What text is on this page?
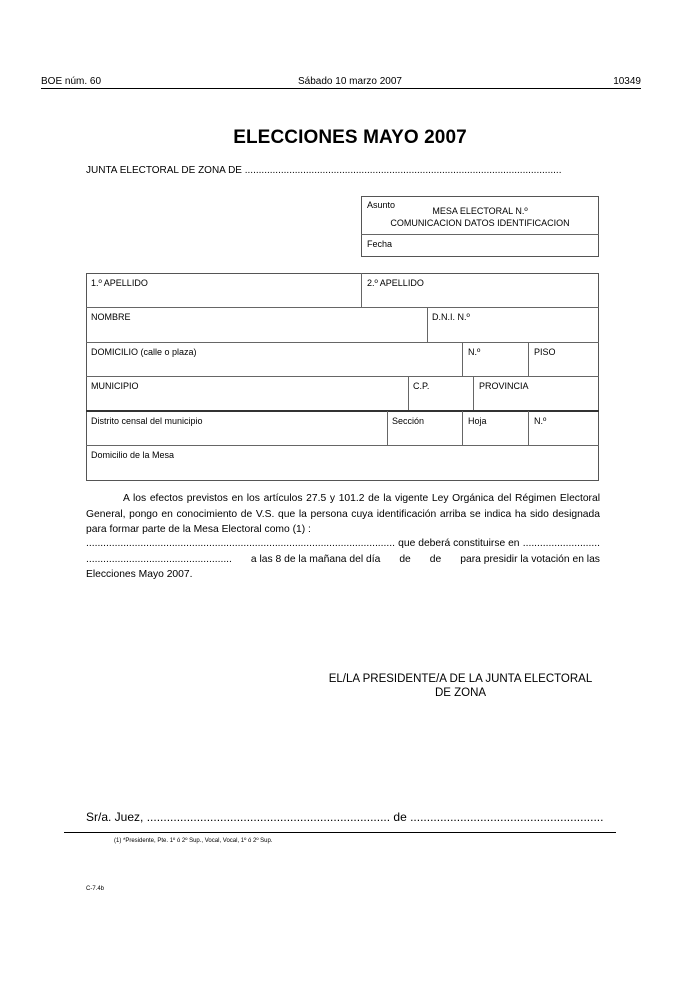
BOE núm. 60	Sábado 10 marzo 2007	10349
ELECCIONES MAYO 2007
JUNTA ELECTORAL DE ZONA DE ..................................................................................................................
Asunto
MESA ELECTORAL N.º
COMUNICACION DATOS IDENTIFICACION
Fecha
1.º APELLIDO	2.º APELLIDO
NOMBRE	D.N.I. N.º
DOMICILIO (calle o plaza)	N.º	PISO
MUNICIPIO	C.P.	PROVINCIA
Distrito censal del municipio	Sección	Hoja	N.º
Domicilio de la Mesa

A los efectos previstos en los artículos 27.5 y 101.2 de la vigente Ley Orgánica del Régimen Electoral General, pongo en conocimiento de V.S. que la persona cuya identificación arriba se indica ha sido designada para formar parte de la Mesa Electoral como (1) :

............................................................................................................ que deberá constituirse en ...........................
................................................... a las 8 de la mañana del día de de para presidir la votación en las
Elecciones Mayo 2007.
EL/LA PRESIDENTE/A DE LA JUNTA ELECTORAL
DE ZONA
Sr/a. Juez, ......................................................................... de ..........................................................
(1) *Presidente, Pte. 1º ó 2º Sup., Vocal, Vocal, 1º ó 2º Sup.
C-7.4b
